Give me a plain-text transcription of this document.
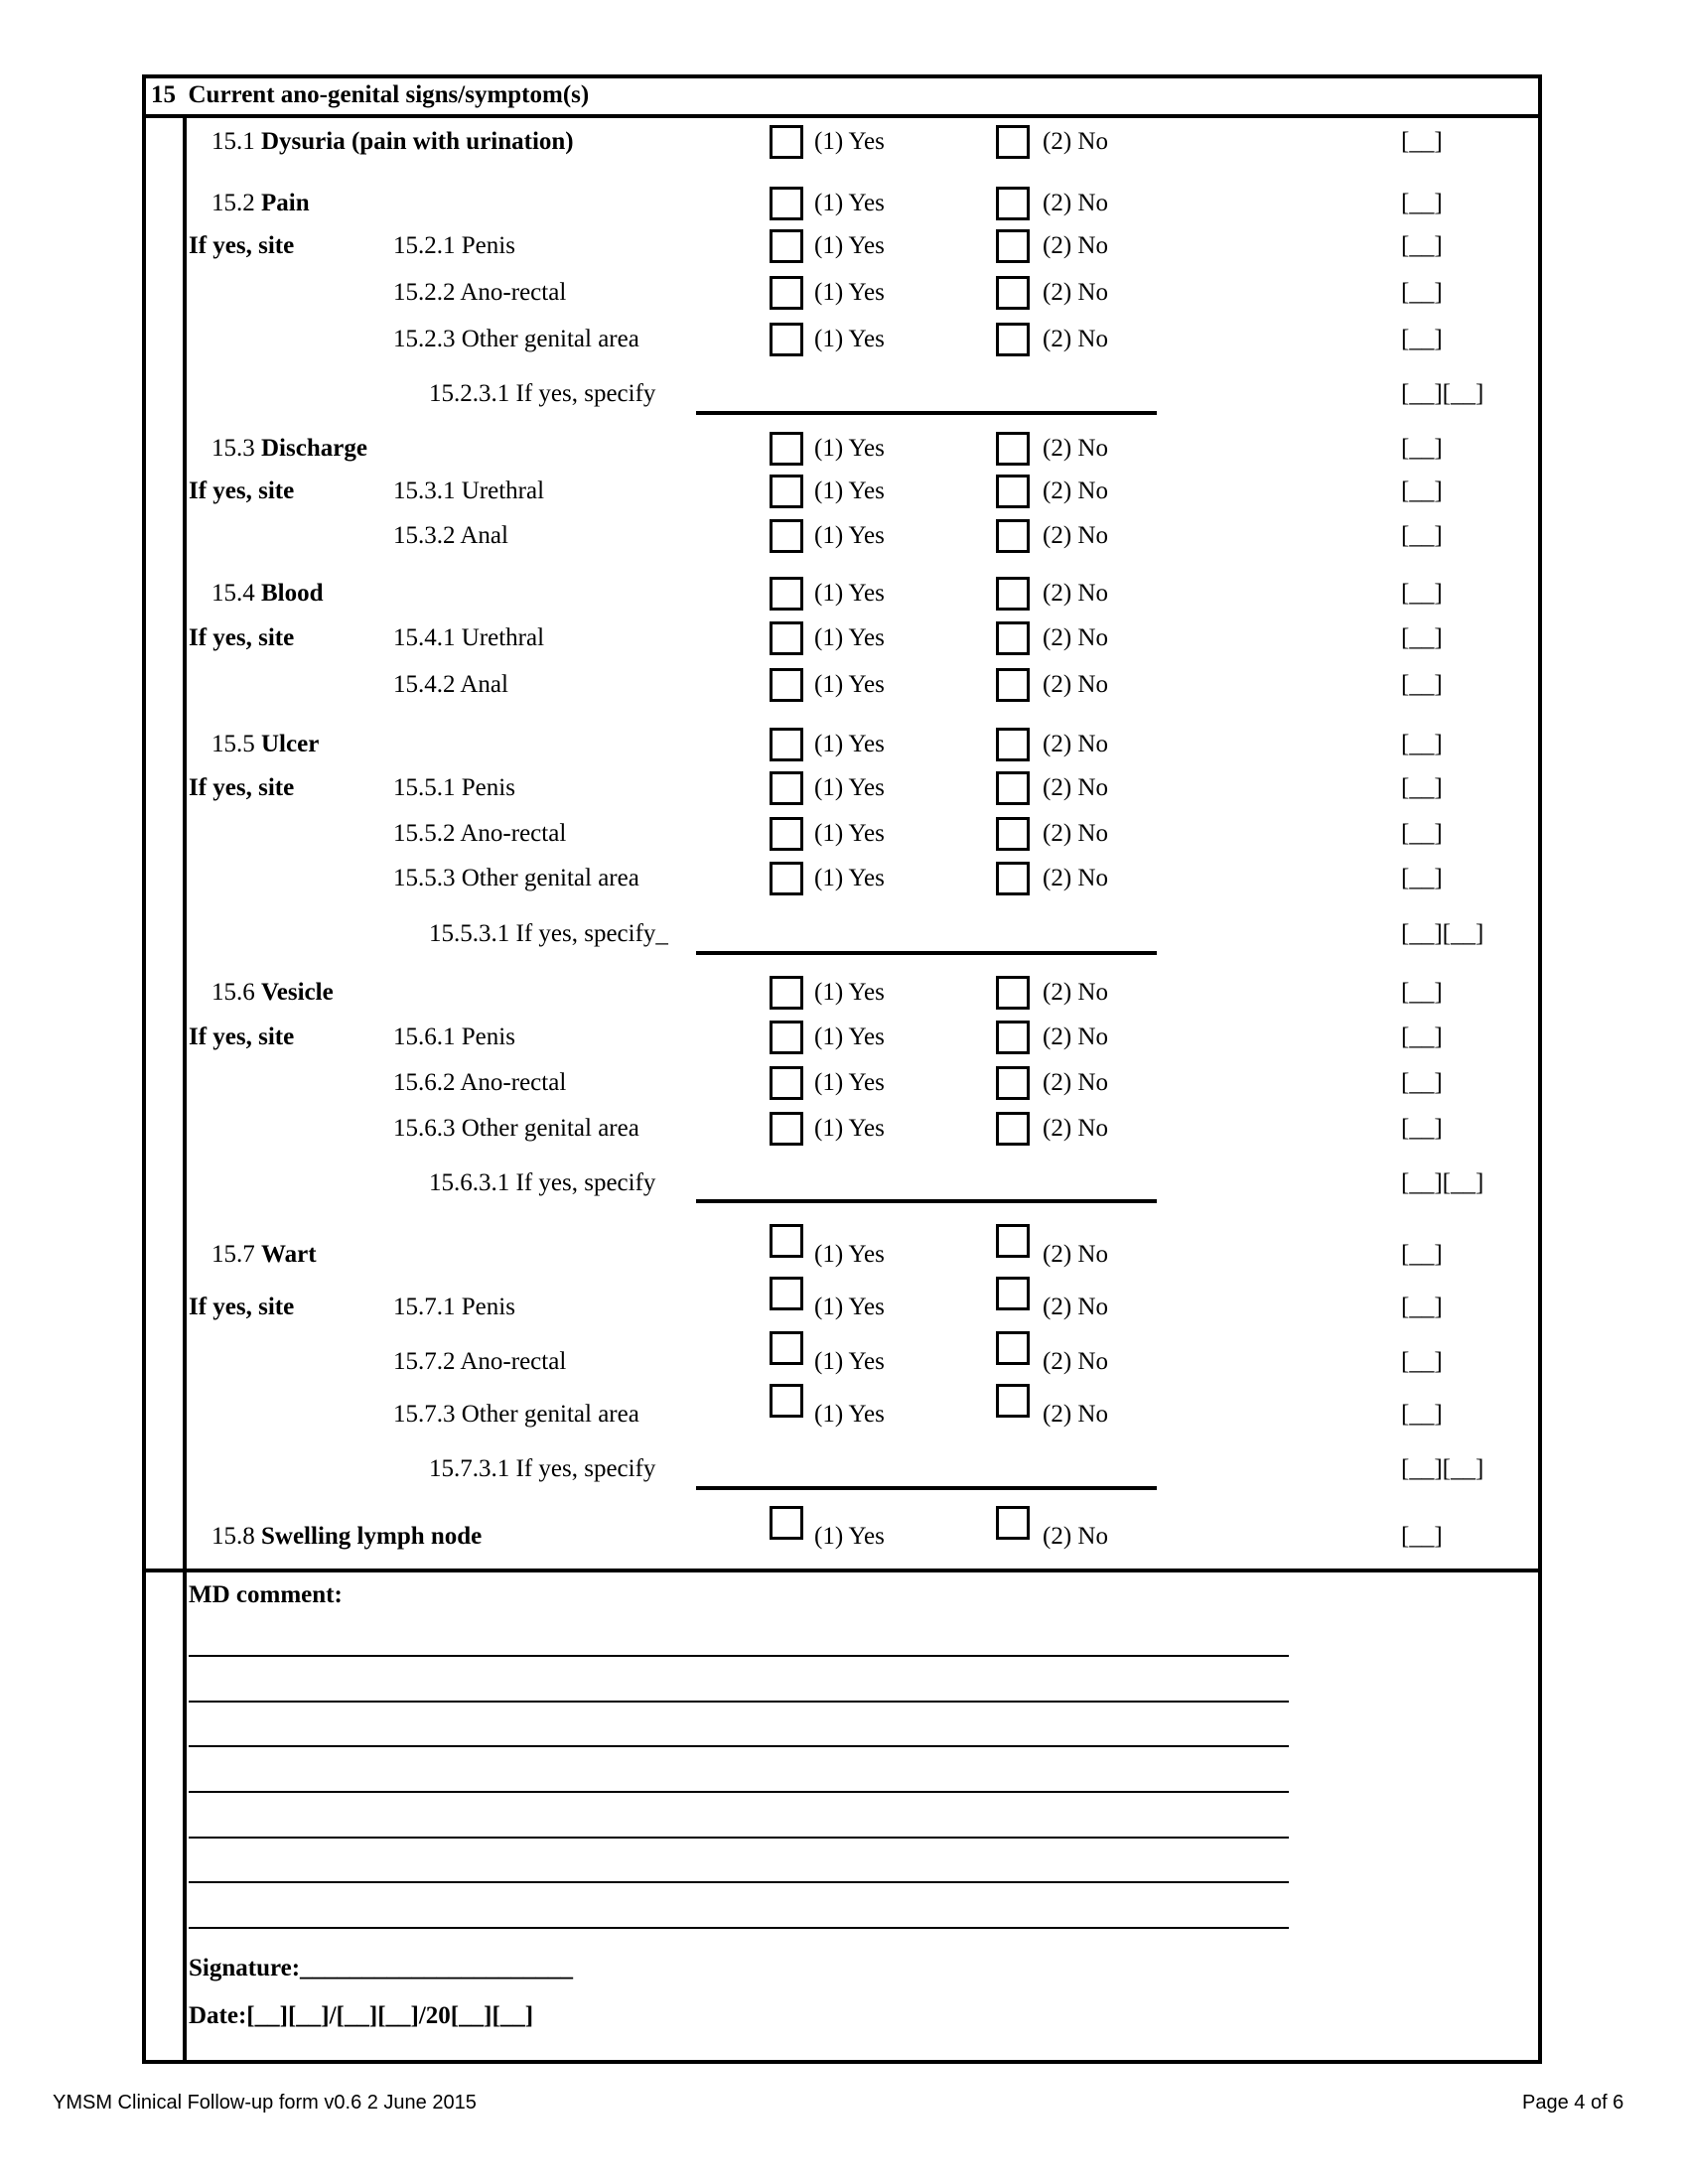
15 Current ano-genital signs/symptom(s)
15.1 Dysuria (pain with urination)	(1) Yes	(2) No	[__]
15.2 Pain	(1) Yes	(2) No	[__]
If yes, site	15.2.1 Penis	(1) Yes	(2) No	[__]
15.2.2 Ano-rectal	(1) Yes	(2) No	[__]
15.2.3 Other genital area	(1) Yes	(2) No	[__]
15.2.3.1 If yes, specify	[__][__]
15.3 Discharge	(1) Yes	(2) No	[__]
If yes, site	15.3.1 Urethral	(1) Yes	(2) No	[__]
15.3.2 Anal	(1) Yes	(2) No	[__]
15.4 Blood	(1) Yes	(2) No	[__]
If yes, site	15.4.1 Urethral	(1) Yes	(2) No	[__]
15.4.2 Anal	(1) Yes	(2) No	[__]
15.5 Ulcer	(1) Yes	(2) No	[__]
If yes, site	15.5.1 Penis	(1) Yes	(2) No	[__]
15.5.2 Ano-rectal	(1) Yes	(2) No	[__]
15.5.3 Other genital area	(1) Yes	(2) No	[__]
15.5.3.1 If yes, specify_	[__][__]
15.6 Vesicle	(1) Yes	(2) No	[__]
If yes, site	15.6.1 Penis	(1) Yes	(2) No	[__]
15.6.2 Ano-rectal	(1) Yes	(2) No	[__]
15.6.3 Other genital area	(1) Yes	(2) No	[__]
15.6.3.1 If yes, specify	[__][__]
15.7 Wart	(1) Yes	(2) No	[__]
If yes, site	15.7.1 Penis	(1) Yes	(2) No	[__]
15.7.2 Ano-rectal	(1) Yes	(2) No	[__]
15.7.3 Other genital area	(1) Yes	(2) No	[__]
15.7.3.1 If yes, specify	[__][__]
15.8 Swelling lymph node	(1) Yes	(2) No	[__]
MD comment:
Signature:______________________
Date:[__][__]/[__][__]/20[__][__]
YMSM Clinical Follow-up form v0.6 2 June 2015	Page 4 of 6
